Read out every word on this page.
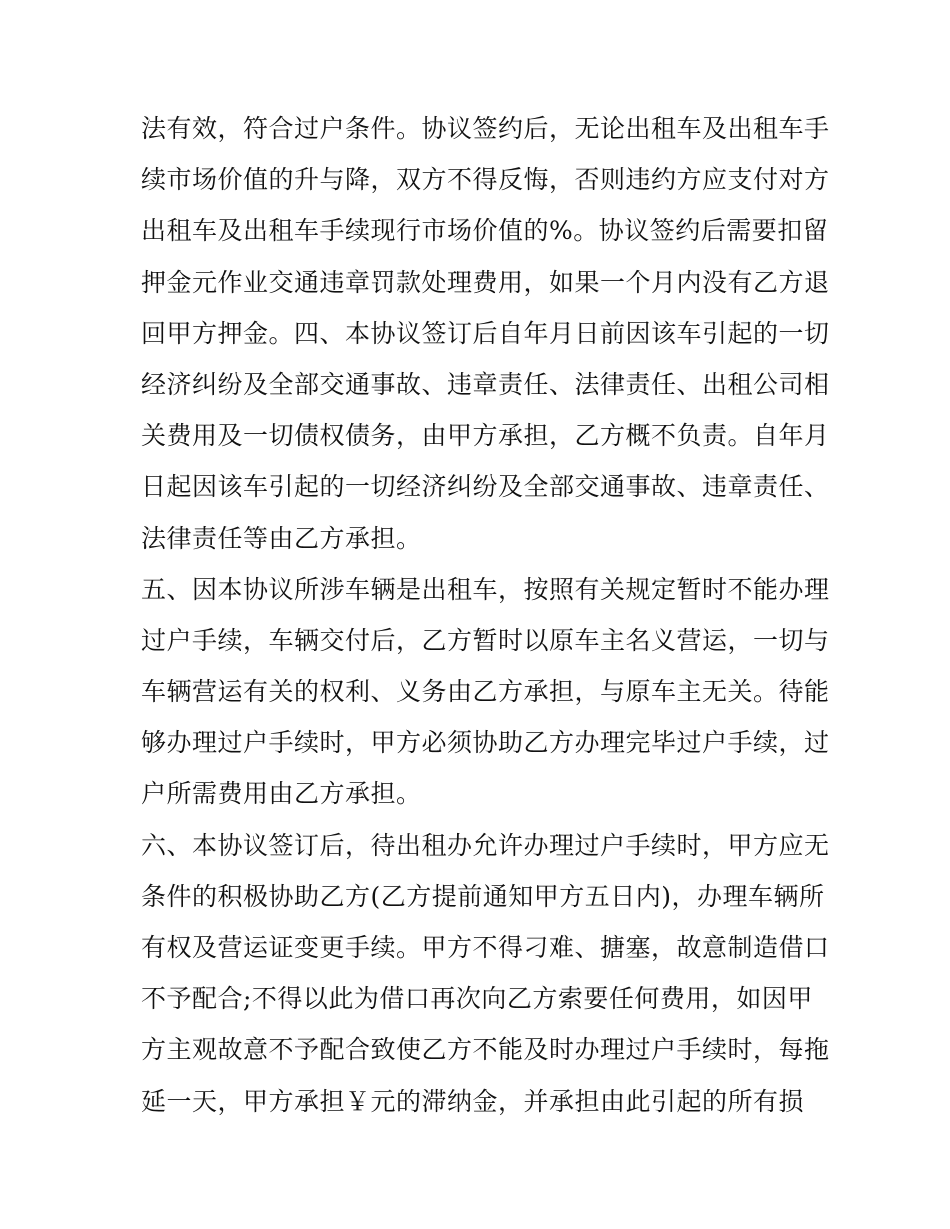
法有效，符合过户条件。协议签约后，无论出租车及出租车手
续市场价值的升与降，双方不得反悔，否则违约方应支付对方
出租车及出租车手续现行市场价值的%。协议签约后需要扣留
押金元作业交通违章罚款处理费用，如果一个月内没有乙方退
回甲方押金。四、本协议签订后自年月日前因该车引起的一切
经济纠纷及全部交通事故、违章责任、法律责任、出租公司相
关费用及一切债权债务，由甲方承担，乙方概不负责。自年月
日起因该车引起的一切经济纠纷及全部交通事故、违章责任、
法律责任等由乙方承担。
五、因本协议所涉车辆是出租车，按照有关规定暂时不能办理
过户手续，车辆交付后，乙方暂时以原车主名义营运，一切与
车辆营运有关的权利、义务由乙方承担，与原车主无关。待能
够办理过户手续时，甲方必须协助乙方办理完毕过户手续，过
户所需费用由乙方承担。
六、本协议签订后，待出租办允许办理过户手续时，甲方应无
条件的积极协助乙方(乙方提前通知甲方五日内)，办理车辆所
有权及营运证变更手续。甲方不得刁难、搪塞，故意制造借口
不予配合;不得以此为借口再次向乙方索要任何费用，如因甲
方主观故意不予配合致使乙方不能及时办理过户手续时，每拖
延一天，甲方承担￥元的滞纳金，并承担由此引起的所有损
